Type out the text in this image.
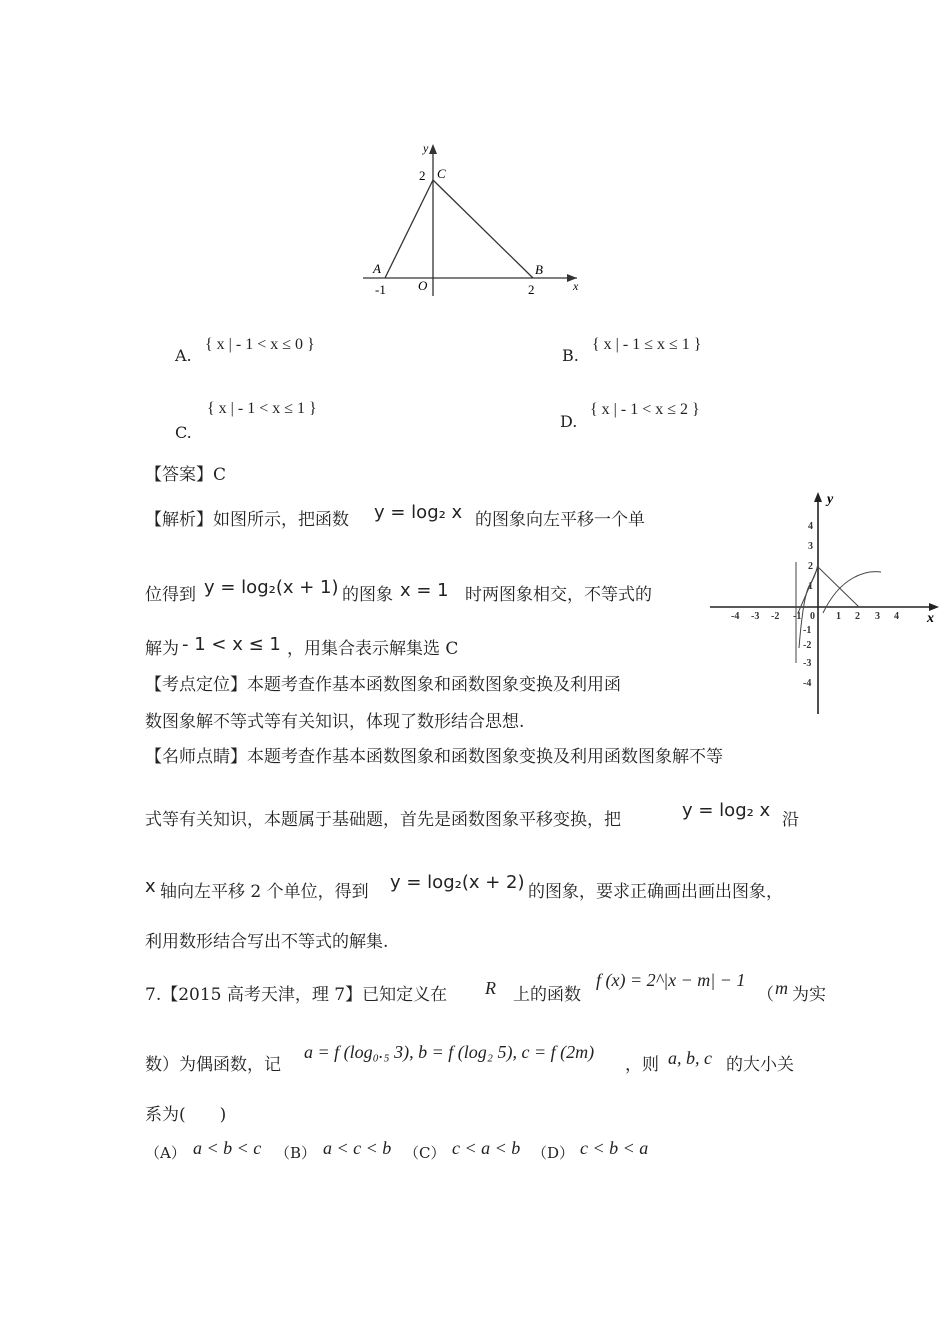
y
x
2 C
A	B
-1 O	2
A.
{ x | - 1 < x ≤ 0 }
B.
{ x | - 1 ≤ x ≤ 1 }
C.
{ x | - 1 < x ≤ 1 }
D.
{ x | - 1 < x ≤ 2 }
【答案】C
【解析】如图所示，把函数 y = log₂ x 的图象向左平移一个单
位得到 y = log₂(x + 1) 的图象 x = 1 时两图象相交，不等式的
解为 - 1 < x ≤ 1 ，用集合表示解集选 C
y
x
-4 -3 -2 -1 0 1 2 3 4
4
3
2
1
-1
-2
-3
-4
【考点定位】本题考查作基本函数图象和函数图象变换及利用函
数图象解不等式等有关知识，体现了数形结合思想.
【名师点睛】本题考查作基本函数图象和函数图象变换及利用函数图象解不等
式等有关知识，本题属于基础题，首先是函数图象平移变换，把	y = log₂ x 沿
x 轴向左平移 2 个单位，得到 y = log₂(x + 2) 的图象，要求正确画出画出图象，
利用数形结合写出不等式的解集.
7.【2015 高考天津，理 7】已知定义在 R 上的函数
f (x) = 2^|x − m| − 1
（ m 为实
数）为偶函数，记
a = f (log₀.₅ 3), b = f (log₂ 5), c = f (2m)
，则 a, b, c 的大小关
系为(　　)
（A） a < b < c （B） a < c < b （C） c < a < b （D） c < b < a
